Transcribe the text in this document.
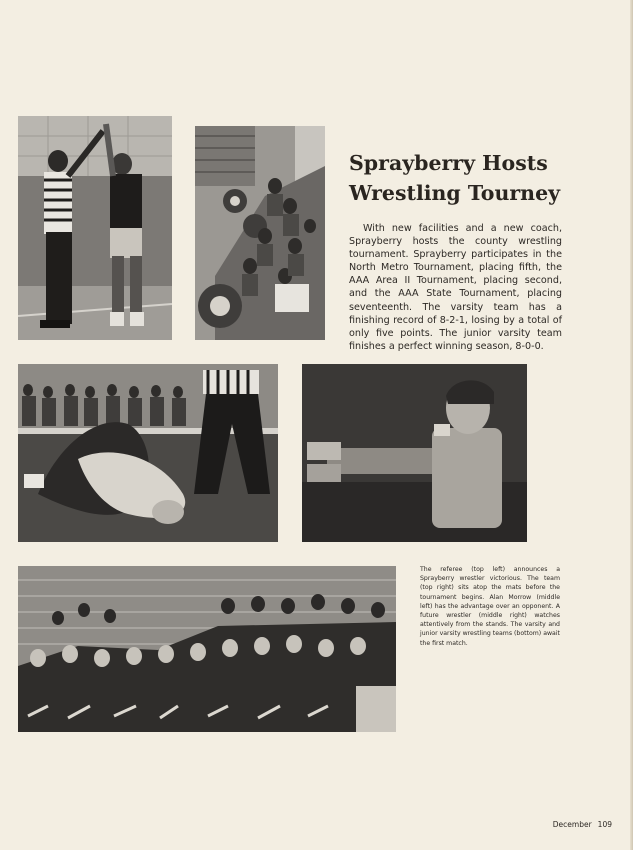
Sprayberry Hosts
Wrestling Tourney

With new facilities and a new coach, Sprayberry hosts the county wrestling tournament. Sprayberry participates in the North Metro Tournament, placing fifth, the AAA Area II Tournament, placing second, and the AAA State Tournament, placing seventeenth. The varsity team has a finishing record of 8-2-1, losing by a total of only five points. The junior varsity team finishes a perfect winning season, 8-0-0.

The referee (top left) announces a Sprayberry wrestler victorious. The team (top right) sits atop the mats before the tournament begins. Alan Morrow (middle left) has the advantage over an opponent. A future wrestler (middle right) watches attentively from the stands. The varsity and junior varsity wrestling teams (bottom) await the first match.

December 109
